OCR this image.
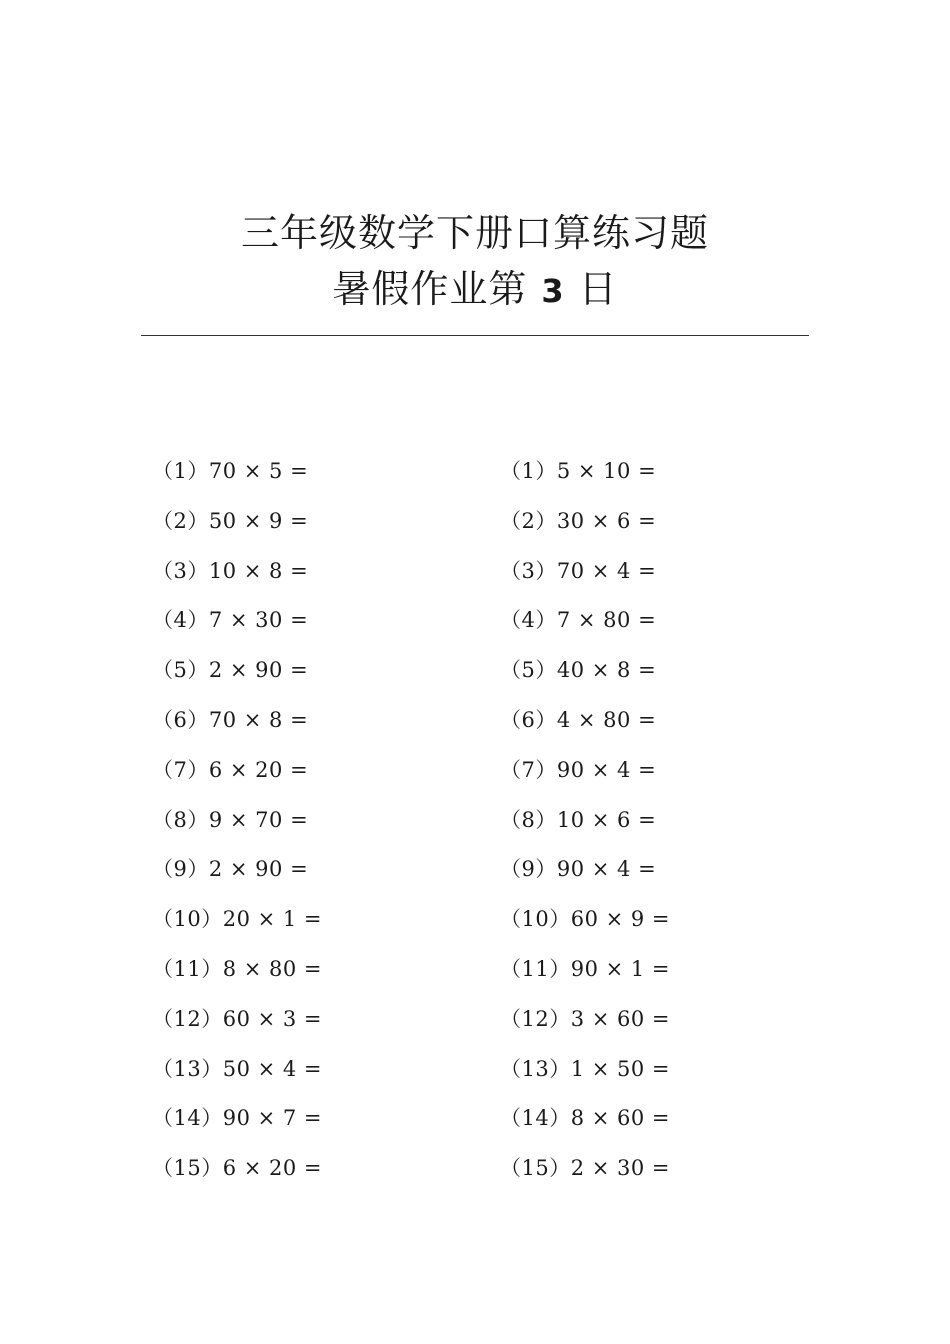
三年级数学下册口算练习题
暑假作业第 3 日
（1）70 × 5 =
（2）50 × 9 =
（3）10 × 8 =
（4）7 × 30 =
（5）2 × 90 =
（6）70 × 8 =
（7）6 × 20 =
（8）9 × 70 =
（9）2 × 90 =
（10）20 × 1 =
（11）8 × 80 =
（12）60 × 3 =
（13）50 × 4 =
（14）90 × 7 =
（15）6 × 20 =
（1）5 × 10 =
（2）30 × 6 =
（3）70 × 4 =
（4）7 × 80 =
（5）40 × 8 =
（6）4 × 80 =
（7）90 × 4 =
（8）10 × 6 =
（9）90 × 4 =
（10）60 × 9 =
（11）90 × 1 =
（12）3 × 60 =
（13）1 × 50 =
（14）8 × 60 =
（15）2 × 30 =
